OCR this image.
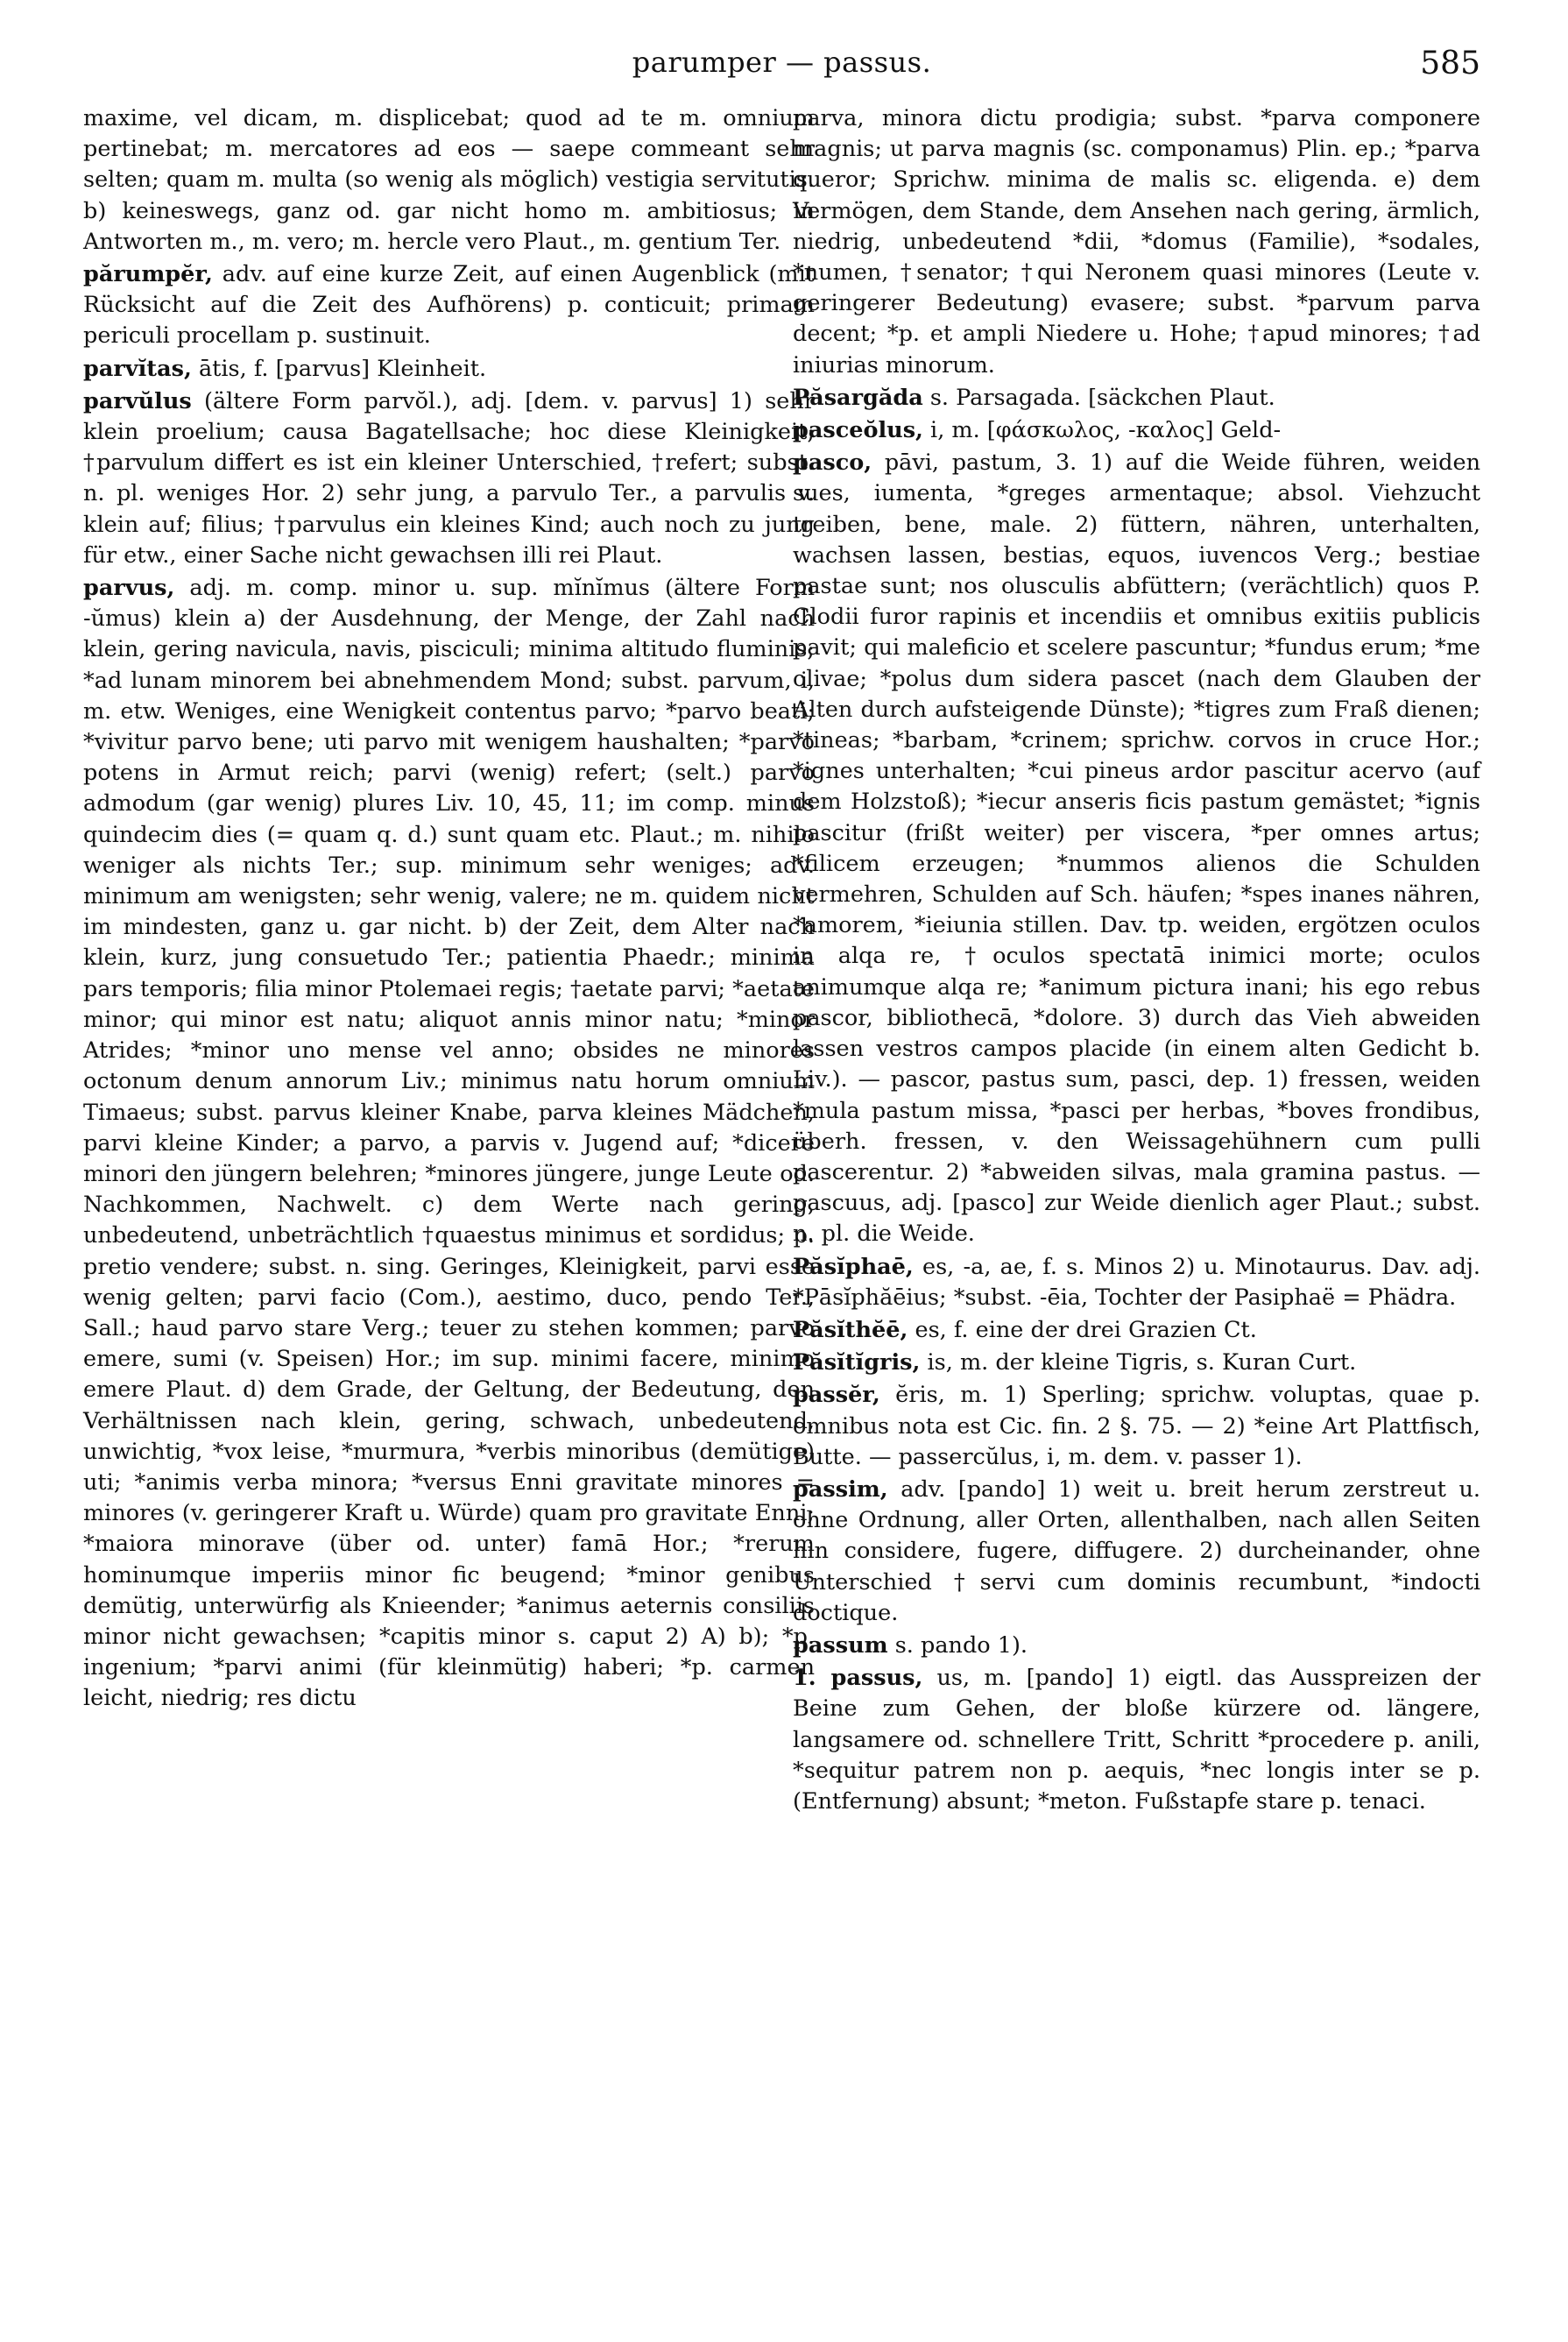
parumper — passus.	585

maxime, vel dicam, m. displicebat; quod ad te m. omnium pertinebat; m. mercatores ad eos — saepe commeant sehr selten; quam m. multa (so wenig als möglich) vestigia servitutis. b) keineswegs, ganz od. gar nicht homo m. ambitiosus; in Antworten m., m. vero; m. hercle vero Plaut., m. gentium Ter.

părumpĕr, adv. auf eine kurze Zeit, auf einen Augenblick (mit Rücksicht auf die Zeit des Aufhörens) p. conticuit; primam periculi procellam p. sustinuit.

parvĭtas, ātis, f. [parvus] Kleinheit.

parvŭlus (ältere Form parvŏl.), adj. [dem. v. parvus] 1) sehr klein proelium; causa Bagatellsache; hoc diese Kleinigkeit; †parvulum differt es ist ein kleiner Unterschied, †refert; subst. n. pl. weniges Hor. 2) sehr jung, a parvulo Ter., a parvulis v. klein auf; filius; †parvulus ein kleines Kind; auch noch zu jung für etw., einer Sache nicht gewachsen illi rei Plaut.

parvus, adj. m. comp. minor u. sup. mĭnĭmus (ältere Form -ŭmus) klein a) der Ausdehnung, der Menge, der Zahl nach klein, gering navicula, navis, pisciculi; minima altitudo fluminis; *ad lunam minorem bei abnehmendem Mond; subst. parvum, i, m. etw. Weniges, eine Wenigkeit contentus parvo; *parvo beati; *vivitur parvo bene; uti parvo mit wenigem haushalten; *parvo potens in Armut reich; parvi (wenig) refert; (selt.) parvo admodum (gar wenig) plures Liv. 10, 45, 11; im comp. minus quindecim dies (= quam q. d.) sunt quam etc. Plaut.; m. nihilo weniger als nichts Ter.; sup. minimum sehr weniges; adv. minimum am wenigsten; sehr wenig, valere; ne m. quidem nicht im mindesten, ganz u. gar nicht. b) der Zeit, dem Alter nach klein, kurz, jung consuetudo Ter.; patientia Phaedr.; minima pars temporis; filia minor Ptolemaei regis; †aetate parvi; *aetate minor; qui minor est natu; aliquot annis minor natu; *minor Atrides; *minor uno mense vel anno; obsides ne minores octonum denum annorum Liv.; minimus natu horum omnium Timaeus; subst. parvus kleiner Knabe, parva kleines Mädchen, parvi kleine Kinder; a parvo, a parvis v. Jugend auf; *dicere minori den jüngern belehren; *minores jüngere, junge Leute od. Nachkommen, Nachwelt. c) dem Werte nach gering, unbedeutend, unbeträchtlich †quaestus minimus et sordidus; p. pretio vendere; subst. n. sing. Geringes, Kleinigkeit, parvi esse wenig gelten; parvi facio (Com.), aestimo, duco, pendo Ter., Sall.; haud parvo stare Verg.; teuer zu stehen kommen; parvo emere, sumi (v. Speisen) Hor.; im sup. minimi facere, minimo emere Plaut. d) dem Grade, der Geltung, der Bedeutung, den Verhältnissen nach klein, gering, schwach, unbedeutend, unwichtig, *vox leise, *murmura, *verbis minoribus (demütige) uti; *animis verba minora; *versus Enni gravitate minores = minores (v. geringerer Kraft u. Würde) quam pro gravitate Enni; *maiora minorave (über od. unter) famā Hor.; *rerum hominumque imperiis minor fic beugend; *minor genibus demütig, unterwürfig als Knieender; *animus aeternis consiliis minor nicht gewachsen; *capitis minor s. caput 2) A) b); *p. ingenium; *parvi animi (für kleinmütig) haberi; *p. carmen leicht, niedrig; res dictu

parva, minora dictu prodigia; subst. *parva componere magnis; ut parva magnis (sc. componamus) Plin. ep.; *parva queror; Sprichw. minima de malis sc. eligenda. e) dem Vermögen, dem Stande, dem Ansehen nach gering, ärmlich, niedrig, unbedeutend *dii, *domus (Familie), *sodales, *numen, †senator; †qui Neronem quasi minores (Leute v. geringerer Bedeutung) evasere; subst. *parvum parva decent; *p. et ampli Niedere u. Hohe; †apud minores; †ad iniurias minorum.

Păsargăda s. Parsagada. [säckchen Plaut.

pasceŏlus, i, m. [φάσκωλος, -καλος] Geld-

pasco, pāvi, pastum, 3. 1) auf die Weide führen, weiden sues, iumenta, *greges armentaque; absol. Viehzucht treiben, bene, male. 2) füttern, nähren, unterhalten, wachsen lassen, bestias, equos, iuvencos Verg.; bestiae pastae sunt; nos olusculis abfüttern; (verächtlich) quos P. Clodii furor rapinis et incendiis et omnibus exitiis publicis pavit; qui maleficio et scelere pascuntur; *fundus erum; *me olivae; *polus dum sidera pascet (nach dem Glauben der Alten durch aufsteigende Dünste); *tigres zum Fraß dienen; *tineas; *barbam, *crinem; sprichw. corvos in cruce Hor.; *ignes unterhalten; *cui pineus ardor pascitur acervo (auf dem Holzstoß); *iecur anseris ficis pastum gemästet; *ignis pascitur (frißt weiter) per viscera, *per omnes artus; *filicem erzeugen; *nummos alienos die Schulden vermehren, Schulden auf Sch. häufen; *spes inanes nähren, *amorem, *ieiunia stillen. Dav. tp. weiden, ergötzen oculos in alqa re, †oculos spectatā inimici morte; oculos animumque alqa re; *animum pictura inani; his ego rebus pascor, bibliothecā, *dolore. 3) durch das Vieh abweiden lassen vestros campos placide (in einem alten Gedicht b. Liv.). — pascor, pastus sum, pasci, dep. 1) fressen, weiden *mula pastum missa, *pasci per herbas, *boves frondibus, überh. fressen, v. den Weissagehühnern cum pulli pascerentur. 2) *abweiden silvas, mala gramina pastus. — pascuus, adj. [pasco] zur Weide dienlich ager Plaut.; subst. n. pl. die Weide.

Păsĭphaē, es, -a, ae, f. s. Minos 2) u. Minotaurus. Dav. adj. *Pāsĭphăēius; *subst. -ēia, Tochter der Pasiphaë = Phädra.

Păsĭthĕē, es, f. eine der drei Grazien Ct.

Păsĭtĭgris, is, m. der kleine Tigris, s. Kuran Curt.

passĕr, ĕris, m. 1) Sperling; sprichw. voluptas, quae p. omnibus nota est Cic. fin. 2 §. 75. — 2) *eine Art Plattfisch, Butte. — passercŭlus, i, m. dem. v. passer 1).

passim, adv. [pando] 1) weit u. breit herum zerstreut u. ohne Ordnung, aller Orten, allenthalben, nach allen Seiten hin considere, fugere, diffugere. 2) durcheinander, ohne Unterschied †servi cum dominis recumbunt, *indocti doctique.

passum s. pando 1).

1. passus, us, m. [pando] 1) eigtl. das Ausspreizen der Beine zum Gehen, der bloße kürzere od. längere, langsamere od. schnellere Tritt, Schritt *procedere p. anili, *sequitur patrem non p. aequis, *nec longis inter se p. (Entfernung) absunt; *meton. Fußstapfe stare p. tenaci.
